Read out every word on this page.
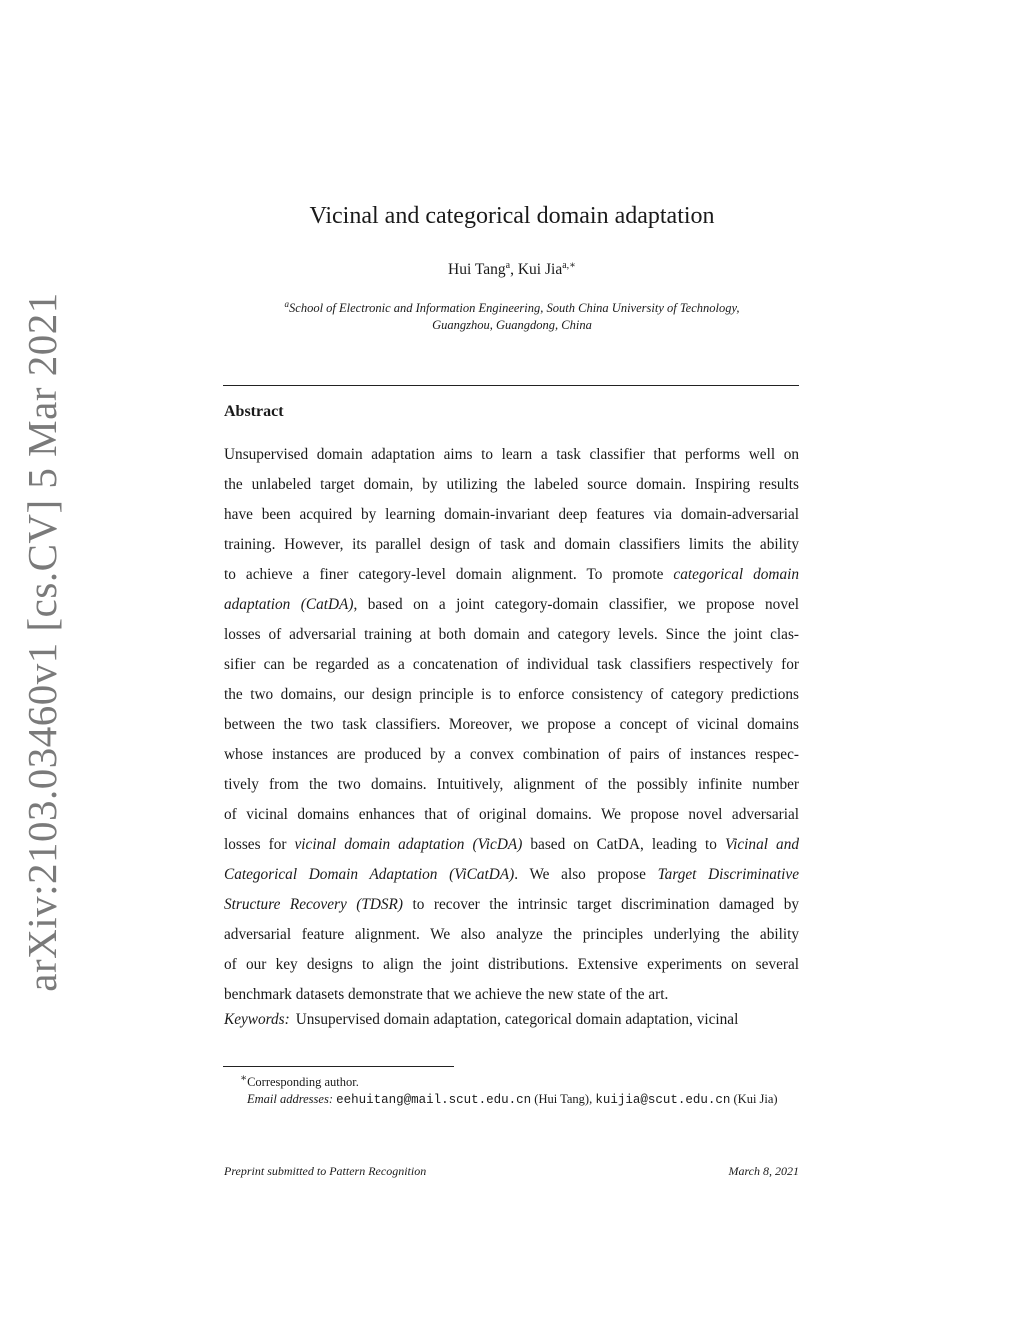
arXiv:2103.03460v1 [cs.CV] 5 Mar 2021
Vicinal and categorical domain adaptation
Hui Tang$^a$, Kui Jia$^{a,∗}$
$^a$School of Electronic and Information Engineering, South China University of Technology,
Guangzhou, Guangdong, China
Abstract
Unsupervised domain adaptation aims to learn a task classifier that performs well on
the unlabeled target domain, by utilizing the labeled source domain. Inspiring results
have been acquired by learning domain-invariant deep features via domain-adversarial
training. However, its parallel design of task and domain classifiers limits the ability
to achieve a finer category-level domain alignment. To promote categorical domain
adaptation (CatDA), based on a joint category-domain classifier, we propose novel
losses of adversarial training at both domain and category levels. Since the joint clas-
sifier can be regarded as a concatenation of individual task classifiers respectively for
the two domains, our design principle is to enforce consistency of category predictions
between the two task classifiers. Moreover, we propose a concept of vicinal domains
whose instances are produced by a convex combination of pairs of instances respec-
tively from the two domains. Intuitively, alignment of the possibly infinite number
of vicinal domains enhances that of original domains. We propose novel adversarial
losses for vicinal domain adaptation (VicDA) based on CatDA, leading to Vicinal and
Categorical Domain Adaptation (ViCatDA). We also propose Target Discriminative
Structure Recovery (TDSR) to recover the intrinsic target discrimination damaged by
adversarial feature alignment. We also analyze the principles underlying the ability
of our key designs to align the joint distributions. Extensive experiments on several
benchmark datasets demonstrate that we achieve the new state of the art.
Keywords: Unsupervised domain adaptation, categorical domain adaptation, vicinal
∗Corresponding author.
Email addresses: eehuitang@mail.scut.edu.cn (Hui Tang), kuijia@scut.edu.cn (Kui Jia)
Preprint submitted to Pattern Recognition	March 8, 2021
